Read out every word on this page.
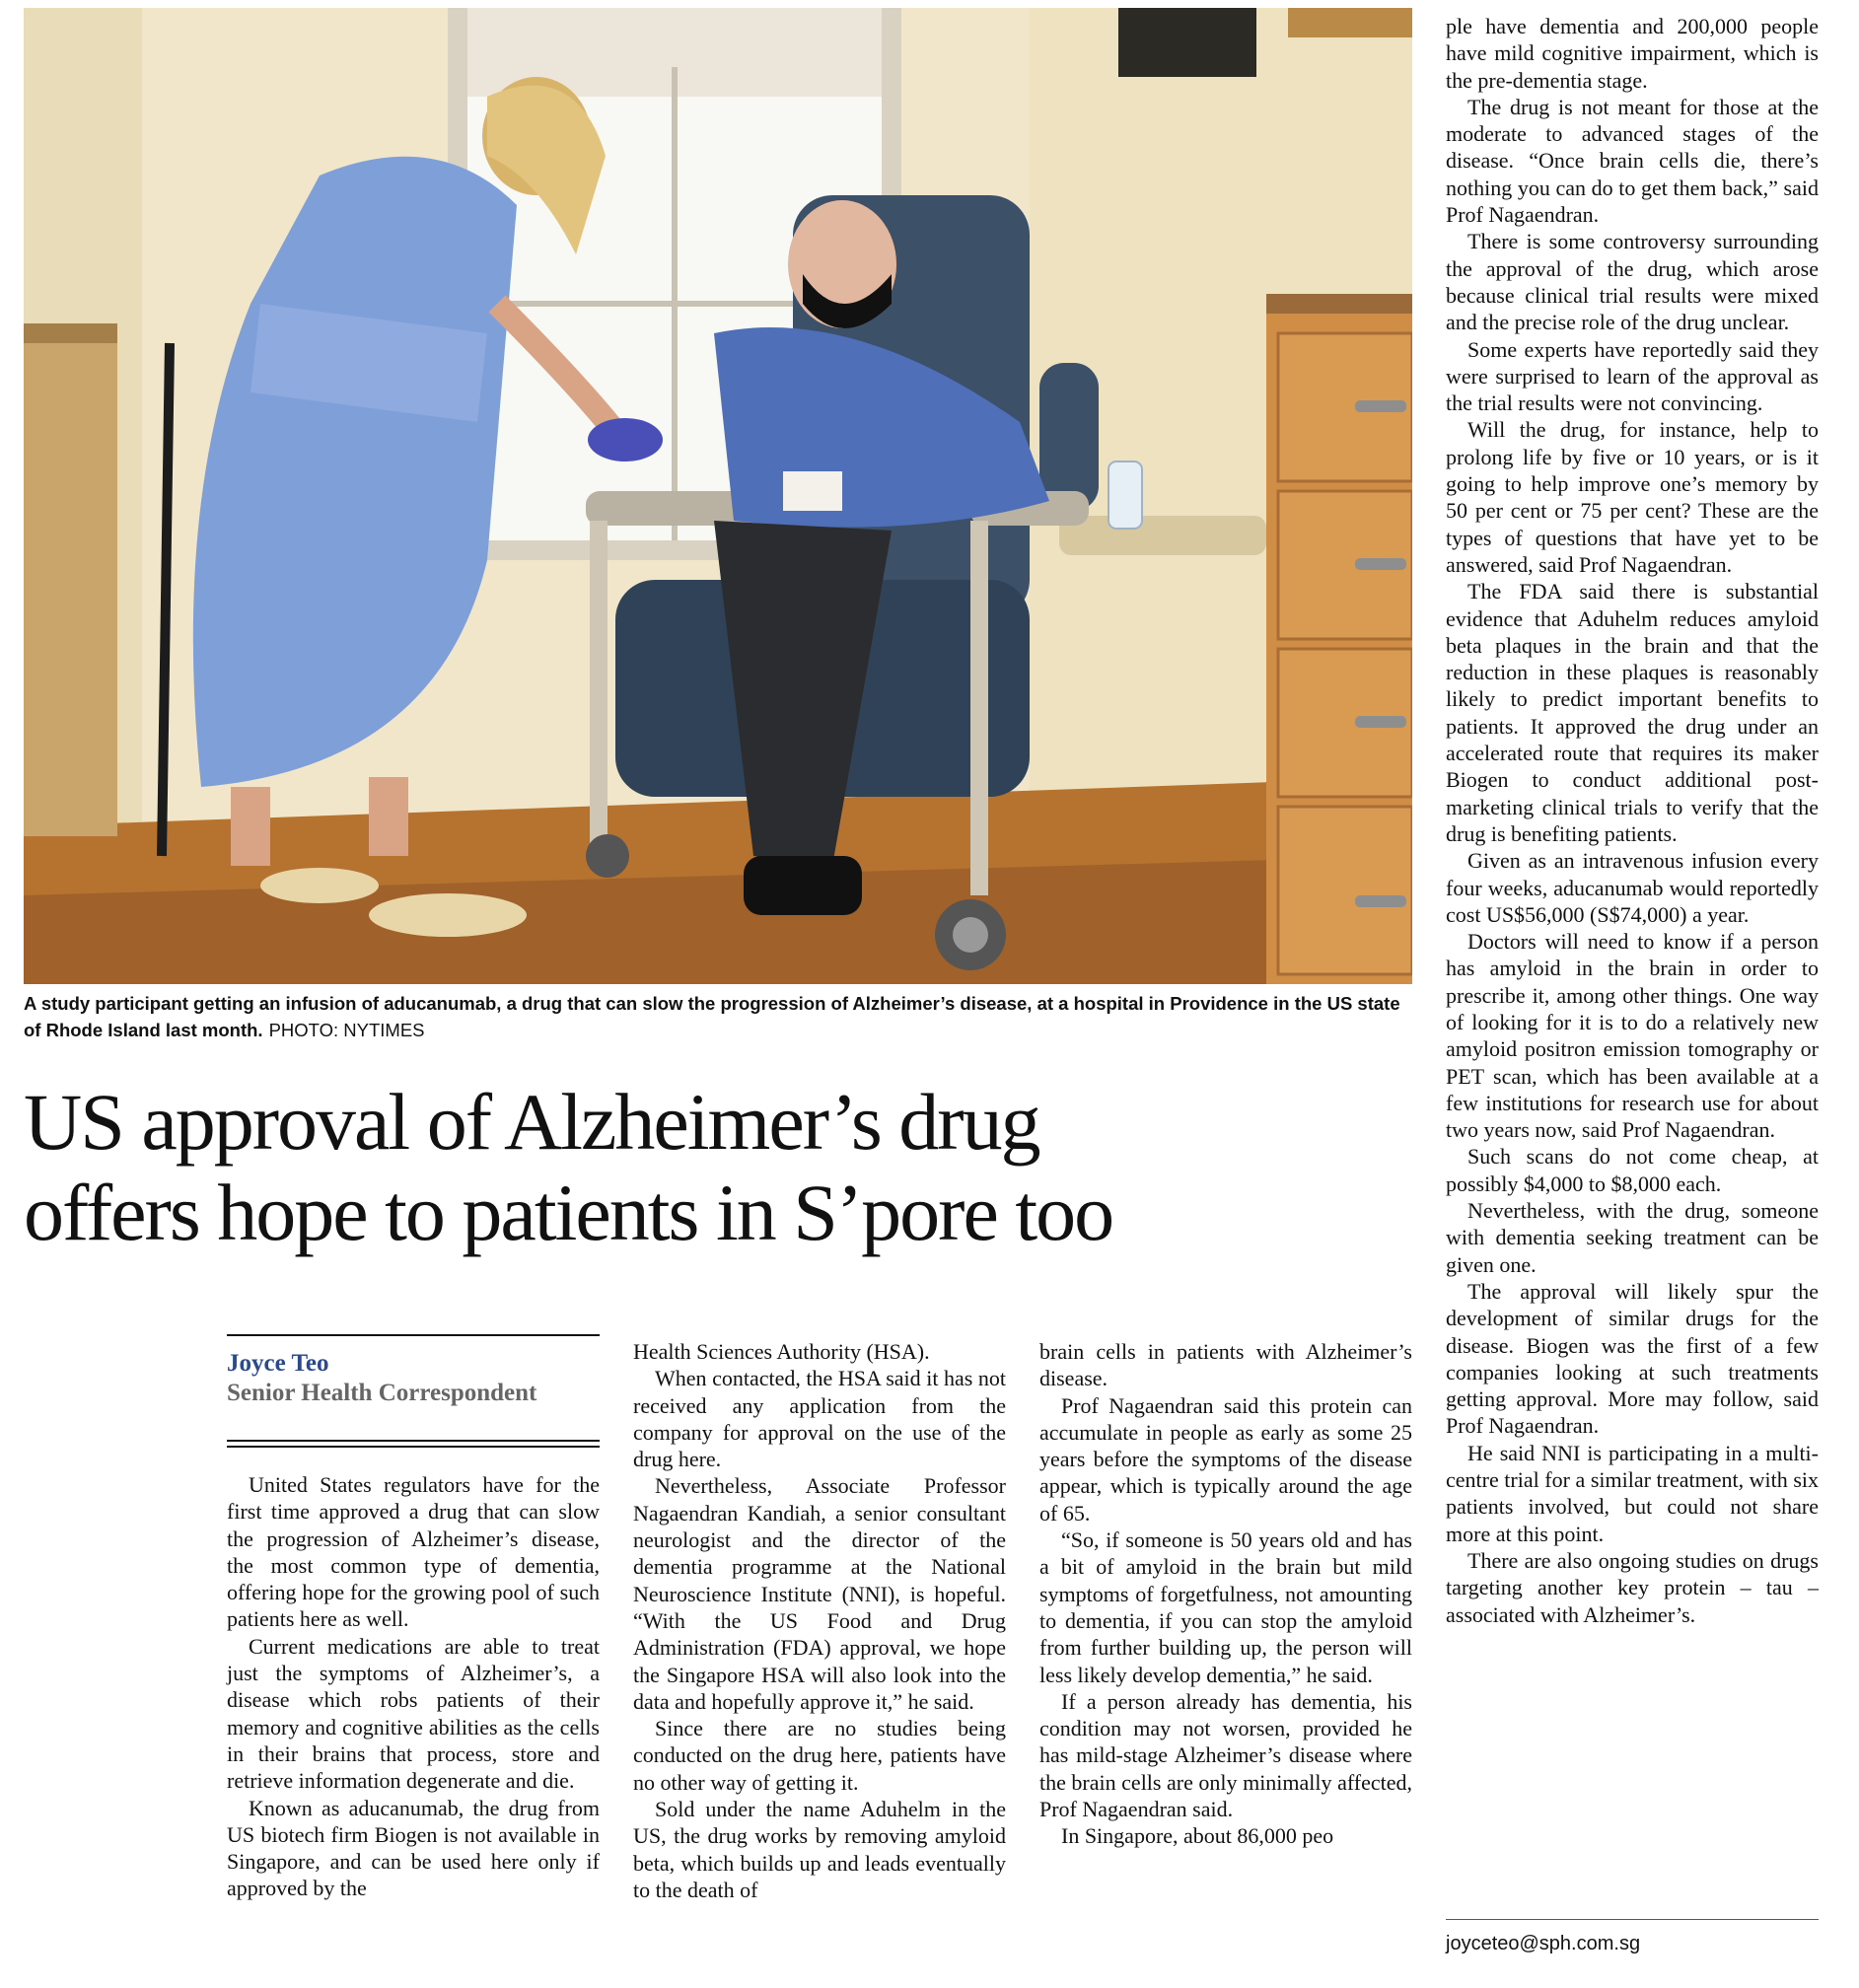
A study participant getting an infusion of aducanumab, a drug that can slow the progression of Alzheimer’s disease, at a hospital in Providence in the US state of Rhode Island last month. PHOTO: NYTIMES
US approval of Alzheimer’s drug
offers hope to patients in S’pore too
Joyce Teo
Senior Health Correspondent

United States regulators have for the first time approved a drug that can slow the progression of Alzheimer’s disease, the most common type of dementia, offering hope for the growing pool of such patients here as well.

Current medications are able to treat just the symptoms of Alzheimer’s, a disease which robs patients of their memory and cognitive abilities as the cells in their brains that process, store and retrieve information degenerate and die.

Known as aducanumab, the drug from US biotech firm Biogen is not available in Singapore, and can be used here only if approved by the

Health Sciences Authority (HSA).

When contacted, the HSA said it has not received any application from the company for approval on the use of the drug here.

Nevertheless, Associate Professor Nagaendran Kandiah, a senior consultant neurologist and the director of the dementia programme at the National Neuroscience Institute (NNI), is hopeful. “With the US Food and Drug Administration (FDA) approval, we hope the Singapore HSA will also look into the data and hopefully approve it,” he said.

Since there are no studies being conducted on the drug here, patients have no other way of getting it.

Sold under the name Aduhelm in the US, the drug works by removing amyloid beta, which builds up and leads eventually to the death of

brain cells in patients with Alzheimer’s disease.

Prof Nagaendran said this protein can accumulate in people as early as some 25 years before the symptoms of the disease appear, which is typically around the age of 65.

“So, if someone is 50 years old and has a bit of amyloid in the brain but mild symptoms of forgetfulness, not amounting to dementia, if you can stop the amyloid from further building up, the person will less likely develop dementia,” he said.

If a person already has dementia, his condition may not worsen, provided he has mild-stage Alzheimer’s disease where the brain cells are only minimally affected, Prof Nagaendran said.

In Singapore, about 86,000 peo

ple have dementia and 200,000 people have mild cognitive impairment, which is the pre-dementia stage.

The drug is not meant for those at the moderate to advanced stages of the disease. “Once brain cells die, there’s nothing you can do to get them back,” said Prof Nagaendran.

There is some controversy surrounding the approval of the drug, which arose because clinical trial results were mixed and the precise role of the drug unclear.

Some experts have reportedly said they were surprised to learn of the approval as the trial results were not convincing.

Will the drug, for instance, help to prolong life by five or 10 years, or is it going to help improve one’s memory by 50 per cent or 75 per cent? These are the types of questions that have yet to be answered, said Prof Nagaendran.

The FDA said there is substantial evidence that Aduhelm reduces amyloid beta plaques in the brain and that the reduction in these plaques is reasonably likely to predict important benefits to patients. It approved the drug under an accelerated route that requires its maker Biogen to conduct additional post-marketing clinical trials to verify that the drug is benefiting patients.

Given as an intravenous infusion every four weeks, aducanumab would reportedly cost US$56,000 (S$74,000) a year.

Doctors will need to know if a person has amyloid in the brain in order to prescribe it, among other things. One way of looking for it is to do a relatively new amyloid positron emission tomography or PET scan, which has been available at a few institutions for research use for about two years now, said Prof Nagaendran.

Such scans do not come cheap, at possibly $4,000 to $8,000 each.

Nevertheless, with the drug, someone with dementia seeking treatment can be given one.

The approval will likely spur the development of similar drugs for the disease. Biogen was the first of a few companies looking at such treatments getting approval. More may follow, said Prof Nagaendran.

He said NNI is participating in a multi-centre trial for a similar treatment, with six patients involved, but could not share more at this point.

There are also ongoing studies on drugs targeting another key protein – tau – associated with Alzheimer’s.

joyceteo@sph.com.sg
